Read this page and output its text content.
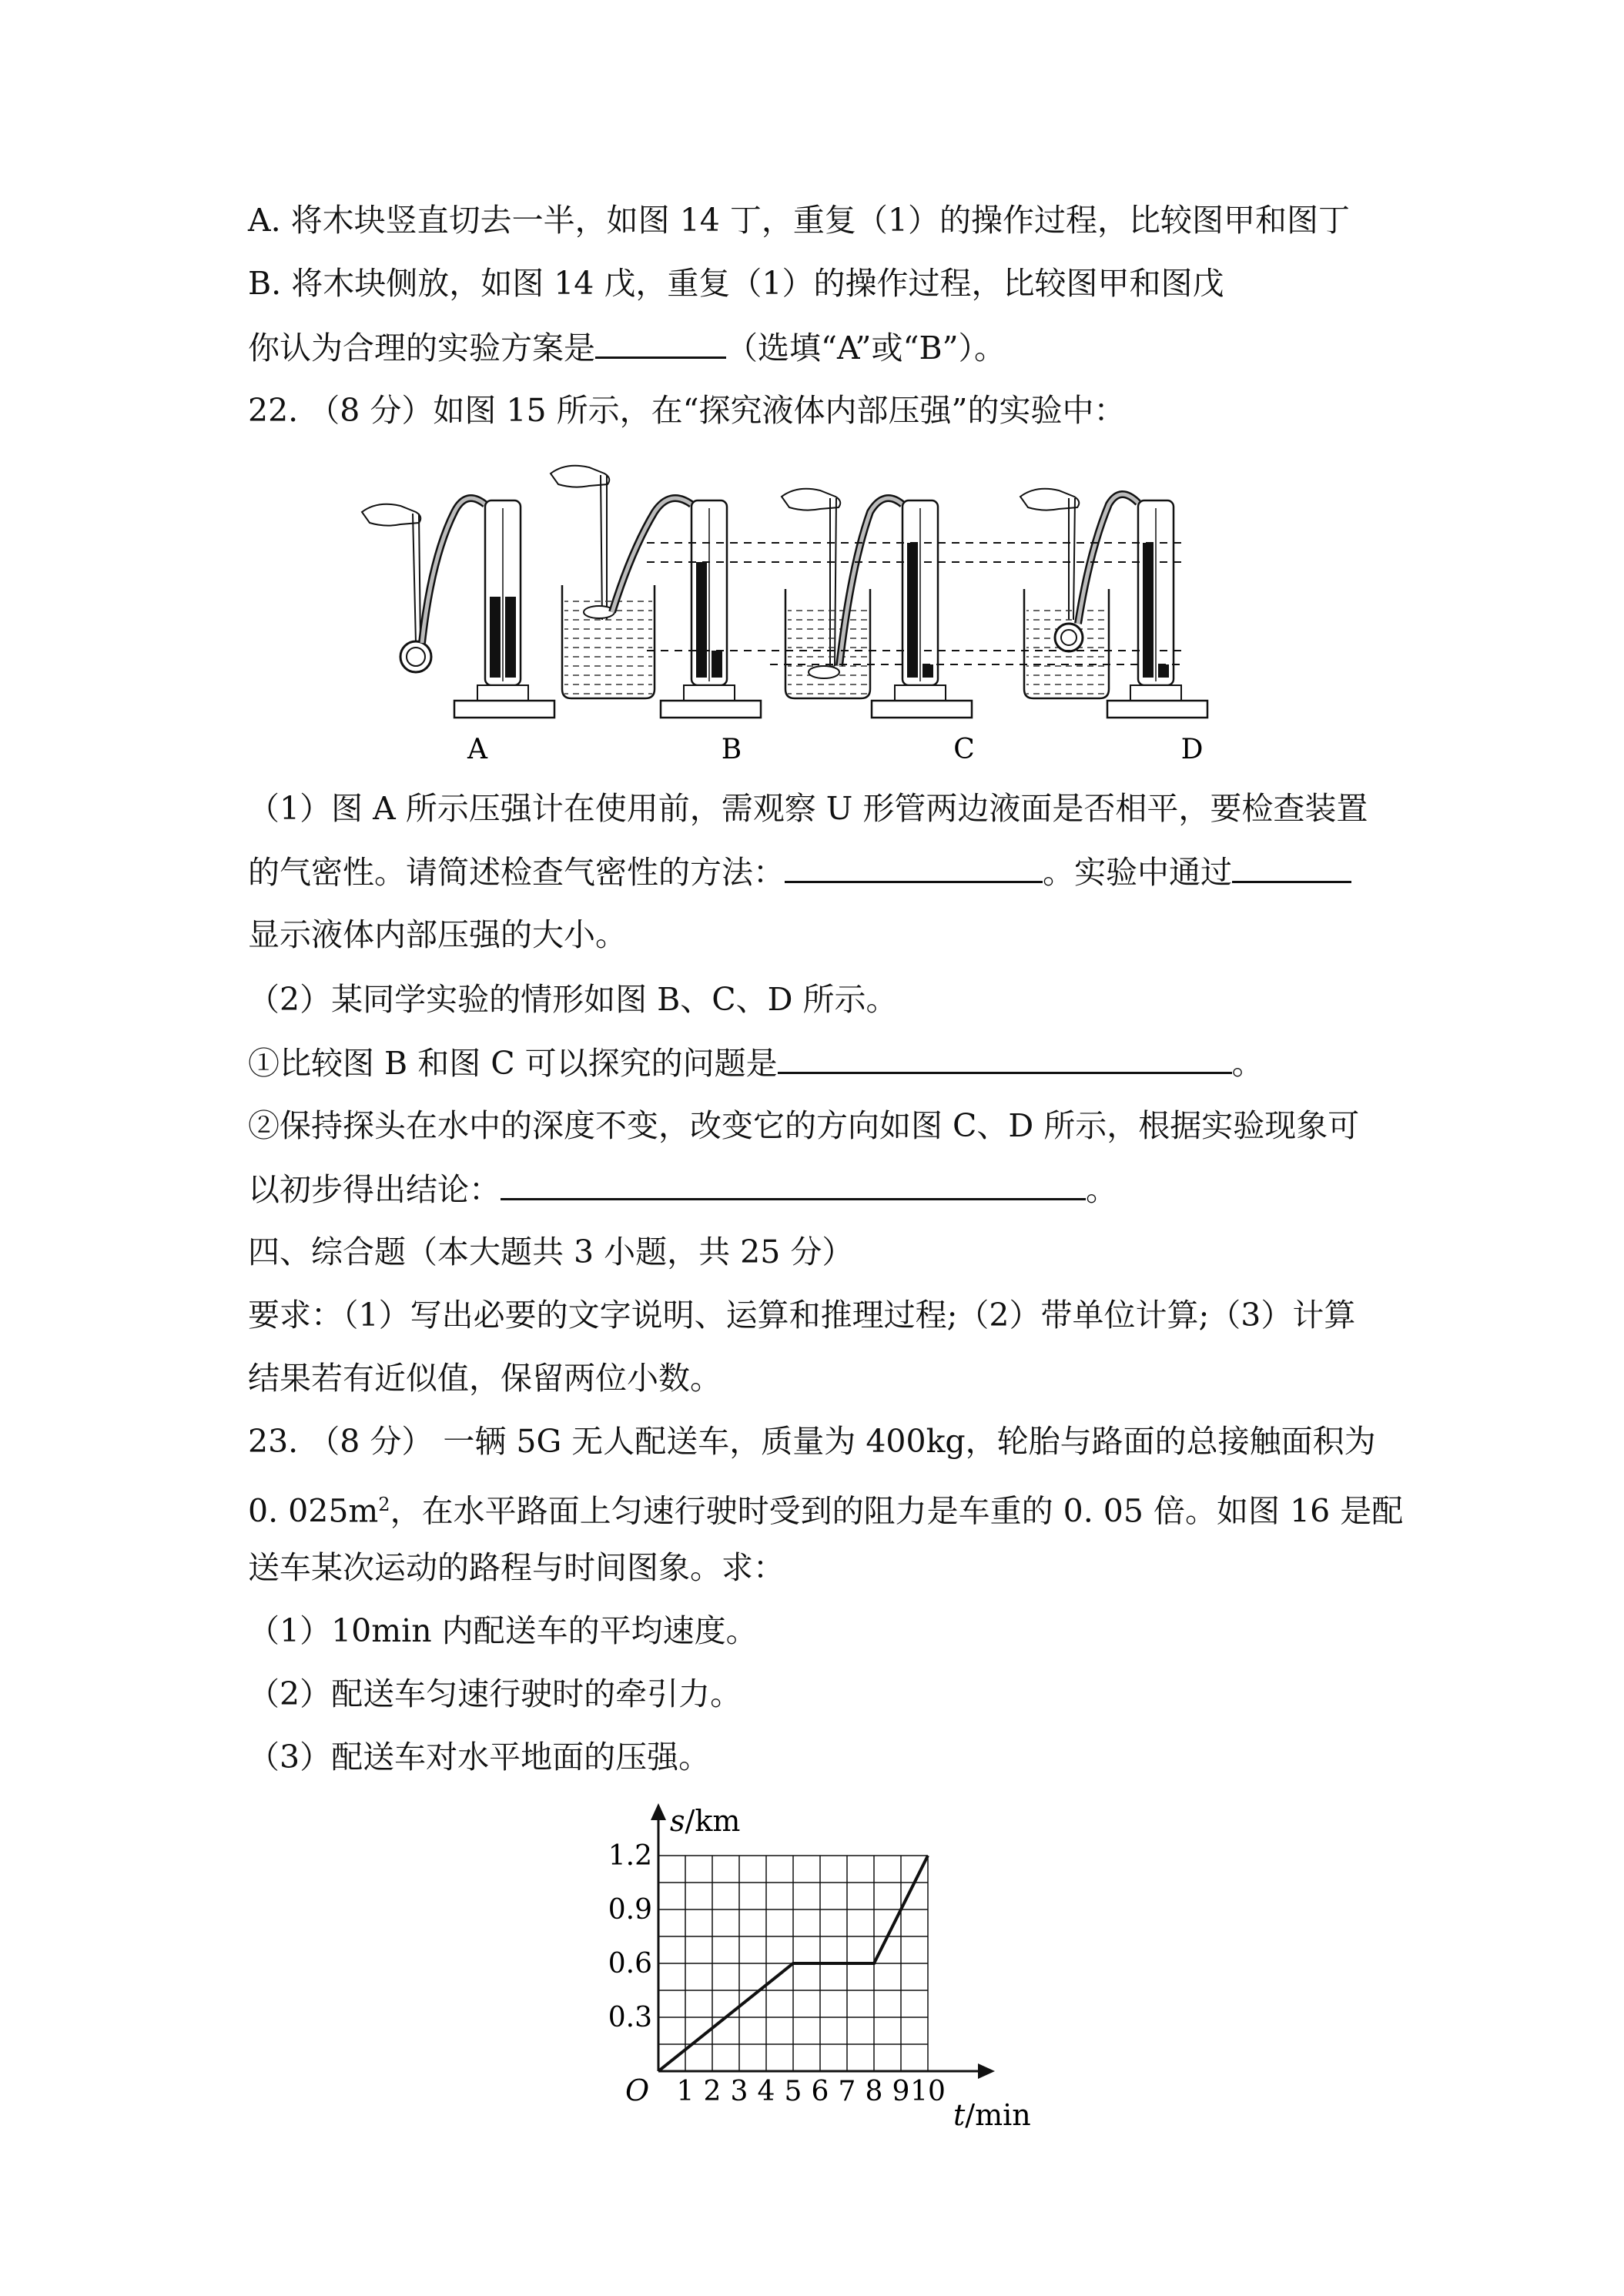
A. 将木块竖直切去一半，如图 14 丁，重复（1）的操作过程，比较图甲和图丁
B. 将木块侧放，如图 14 戊，重复（1）的操作过程，比较图甲和图戊
你认为合理的实验方案是	（选填“A”或“B”）。
22. （8 分）如图 15 所示，在“探究液体内部压强”的实验中：
A	B	C	D
（1）图 A 所示压强计在使用前，需观察 U 形管两边液面是否相平，要检查装置
的气密性。请简述检查气密性的方法：	。实验中通过
显示液体内部压强的大小。
（2）某同学实验的情形如图 B、C、D 所示。
①比较图 B 和图 C 可以探究的问题是	。
②保持探头在水中的深度不变，改变它的方向如图 C、D 所示，根据实验现象可
以初步得出结论：	。
四、综合题（本大题共 3 小题，共 25 分）
要求：（1）写出必要的文字说明、运算和推理过程;（2）带单位计算;（3）计算
结果若有近似值，保留两位小数。
23. （8 分） 一辆 5G 无人配送车，质量为 400kg，轮胎与路面的总接触面积为
0. $025m^2$，在水平路面上匀速行驶时受到的阻力是车重的 0. 05 倍。如图 16 是配
送车某次运动的路程与时间图象。求：
（1）10min 内配送车的平均速度。
（2）配送车匀速行驶时的牵引力。
（3）配送车对水平地面的压强。
s/km
t/min
O 1 2 3 4 5 6 7 8 9 10
0.3
0.6
0.9
1.2
